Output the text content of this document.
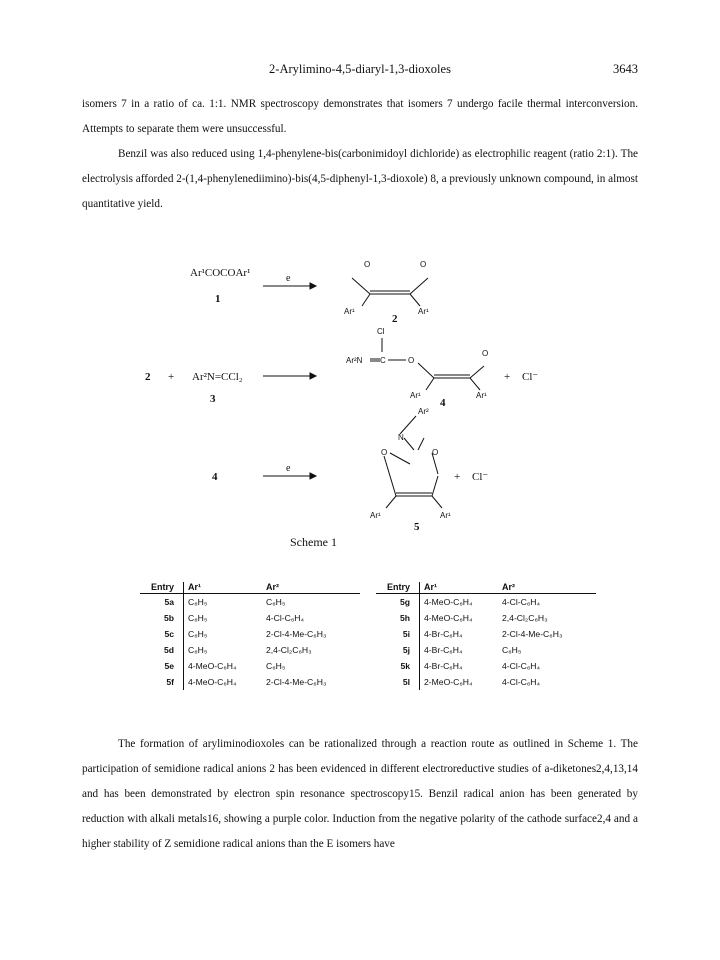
2-Arylimino-4,5-diaryl-1,3-dioxoles	3643

isomers 7 in a ratio of ca. 1:1. NMR spectroscopy demonstrates that isomers 7 undergo facile thermal interconversion. Attempts to separate them were unsuccessful.

Benzil was also reduced using 1,4-phenylene-bis(carbonimidoyl dichloride) as electrophilic reagent (ratio 2:1). The electrolysis afforded 2-(1,4-phenylenediimino)-bis(4,5-diphenyl-1,3-dioxole) 8, a previously unknown compound, in almost quantitative yield.

Ar¹COCOAr¹
1
e
O	O
Ar¹	Ar¹
2
2 + Ar²N=CCl₂
3
Cl
Ar²N C	O
O
Ar¹	Ar¹
4
+ Cl⁻
4
e
Ar²
N
O	O
Ar¹	Ar¹
5
+ Cl⁻
Scheme 1
Entry	Ar¹	Ar²
5a	C₆H₅	C₆H₅
5b	C₆H₅	4-Cl-C₆H₄
5c	C₆H₅	2-Cl-4-Me-C₆H₃
5d	C₆H₅	2,4-Cl₂C₆H₃
5e	4-MeO-C₆H₄	C₆H₅
5f	4-MeO-C₆H₄	2-Cl-4-Me-C₆H₃
Entry	Ar¹	Ar²
5g	4-MeO-C₆H₄	4-Cl-C₆H₄
5h	4-MeO-C₆H₄	2,4-Cl₂C₆H₃
5i	4-Br-C₆H₄	2-Cl-4-Me-C₆H₃
5j	4-Br-C₆H₄	C₆H₅
5k	4-Br-C₆H₄	4-Cl-C₆H₄
5l	2-MeO-C₆H₄	4-Cl-C₆H₄

The formation of aryliminodioxoles can be rationalized through a reaction route as outlined in Scheme 1. The participation of semidione radical anions 2 has been evidenced in different electroreductive studies of a-diketones2,4,13,14 and has been demonstrated by electron spin resonance spectroscopy15. Benzil radical anion has been generated by reduction with alkali metals16, showing a purple color. Induction from the negative polarity of the cathode surface2,4 and a higher stability of Z semidione radical anions than the E isomers have
